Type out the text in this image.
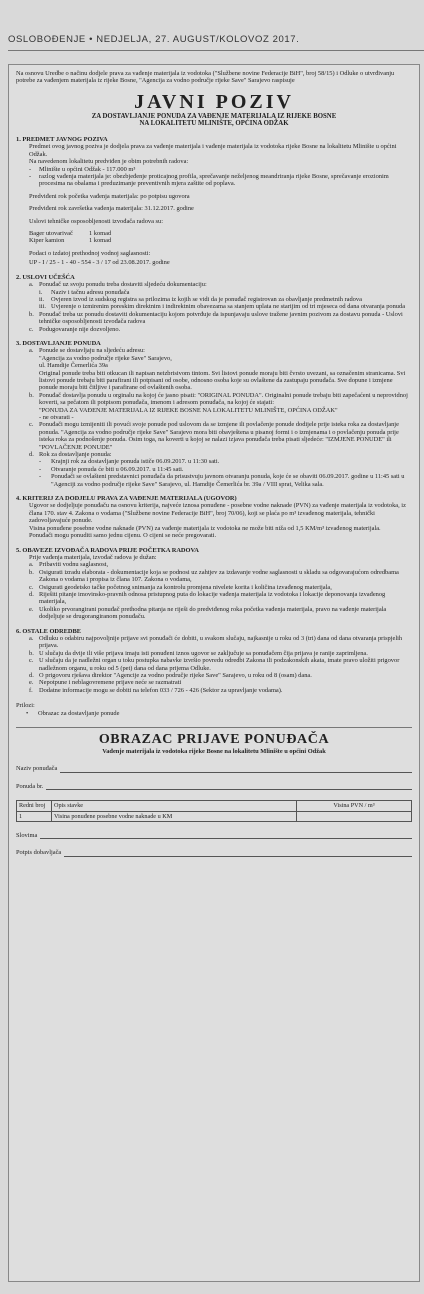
OSLOBOĐENJE • NEDJELJA, 27. AUGUST/KOLOVOZ 2017.
Na osnovu Uredbe o načinu dodjele prava za vađenje materijala iz vodotoka ("Službene novine Federacije BiH", broj 58/15) i Odluke o utvrđivanju potrebe za vađenjem materijala iz rijeke Bosne, "Agencija za vodno područje rijeke Save" Sarajevo raspisuje
JAVNI POZIV
ZA DOSTAVLJANJE PONUDA ZA VAĐENJE MATERIJALA IZ RIJEKE BOSNE
NA LOKALITETU MLINIŠTE, OPĆINA ODŽAK
1. PREDMET JAVNOG POZIVA
Predmet ovog javnog poziva je dodjela prava za vađenje materijala i vađenje materijala iz vodotoka rijeke Bosne na lokalitetu Mlinište u općini Odžak.
Na navedenom lokalitetu predviđen je obim potrebnih radova:
- Mlinište u općini Odžak - 117.000 m³
- razlog vađenja materijala je: obezbjeđenje proticajnog profila, sprečavanje neželjenog meandriranja rijeke Bosne, sprečavanje erozionim procesima na obalama i preduzimanje preventivnih mjera zaštite od poplava.
Predviđeni rok početka vađenja materijala: po potpisu ugovora
Predviđeni rok završetka vađenja materijala: 31.12.2017. godine
Uslovi tehničke osposobljenosti izvođača radova su:
Bager utovarivač	1 komad
Kiper kamion	1 komad
Podaci o izdatoj prethodnoj vodnoj saglasnosti:
UP - I / 25 - 1 - 40 - 554 - 3 / 17 od 23.08.2017. godine
2. USLOVI UČEŠĆA
a. Ponuđač uz svoju ponudu treba dostaviti sljedeću dokumentaciju:
i. Naziv i tačnu adresu ponuđača
ii. Ovjeren izvod iz sudskog registra sa prilozima iz kojih se vidi da je ponuđač registrovan za obavljanje predmetnih radova
iii. Uvjerenje o izmirenim poreskim direktnim i indirektnim obavezama sa stanjem uplata ne starijim od tri mjeseca od dana otvaranja ponuda
b. Ponuđač treba uz ponudu dostaviti dokumentaciju kojom potvrđuje da ispunjavaju uslove tražene javnim pozivom za dostavu ponuda - Uslovi tehničke osposobljenosti izvođača radova
c. Podugovaranje nije dozvoljeno.
3. DOSTAVLJANJE PONUDA
a. Ponude se dostavljaju na sljedeću adresu:
"Agencija za vodno područje rijeke Save" Sarajevo,
ul. Hamdije Čemerlića 39a
Original ponude treba biti otkucan ili napisan neizbrisivom tintom. Svi listovi ponude moraju biti čvrsto uvezani, sa označenim stranicama. Svi listovi ponude trebaju biti parafirani ili potpisani od osobe, odnosno osoba koje su ovlaštene da zastupaju ponuđača. Sve dopune i izmjene ponude moraju biti čitljive i parafirane od ovlaštenih osoba.
b. Ponuđač dostavlja ponudu u orginalu na kojoj će jasno pisati: "ORIGINAL PONUDA". Originalni ponude trebaju biti zapečaćeni u neprovidnoj koverti, sa pečatom ili potpisom ponuđača, imenom i adresom ponuđača, na kojoj će stajati:
"PONUDA ZA VAĐENJE MATERIJALA IZ RIJEKE BOSNE NA LOKALITETU MLINIŠTE, OPĆINA ODŽAK"
- ne otvarati -
c. Ponuđači mogu izmijeniti ili povući svoje ponude pod uslovom da se izmjene ili povlačenje ponude dodijele prije isteka roka za dostavljanje ponuda. "Agencija za vodno područje rijeke Save" Sarajevo mora biti obavještena u pisanoj formi i o izmjenama i o povlačenju ponuda prije isteka roka za podnošenje ponuda. Osim toga, na koverti u kojoj se nalazi izjava ponuđača treba pisati sljedeće: "IZMJENE PONUDE" ili "POVLAČENJE PONUDE"
d. Rok za dostavljanje ponuda:
- Krajnji rok za dostavljanje ponuda ističe 06.09.2017. u 11:30 sati.
- Otvaranje ponuda će biti u 06.09.2017. u 11:45 sati.
- Ponuđači se ovlašteni predstavnici ponuđača da prisustvuju javnom otvaranju ponuda, koje će se obaviti 06.09.2017. godine u 11:45 sati u "Agenciji za vodno područje rijeke Save" Sarajevo, ul. Hamdije Čemerlića br. 39a / VIII sprat, Velika sala.
4. KRITERIJ ZA DODJELU PRAVA ZA VAĐENJE MATERIJALA (UGOVOR)
Ugovor se dodjeljuje ponuđaču na osnovu kriterija, najveće iznosa ponuđene - posebne vodne naknade (PVN) za vađenje materijala iz vodotoka, iz člana 170. stav 4. Zakona o vodama ("Službene novine Federacije BiH", broj 70/06), koji se plaća po m³ izvađenog materijala, tehnički zadovoljavajuće ponude.
Visina ponuđene posebne vodne naknade (PVN) za vađenje materijala iz vodotoka ne može biti niža od 1,5 KM/m³ izvađenog materijala.
Ponuđači mogu ponuditi samo jednu cijenu. O cijeni se neće pregovarati.
5. OBAVEZE IZVOĐAČA RADOVA PRIJE POČETKA RADOVA
Prije vađenja materijala, izvođač radova je dužan:
a. Pribaviti vodnu saglasnost,
b. Osigurati izradu elaborata - dokumentacije koja se podnosi uz zahtjev za izdavanje vodne saglasnosti u skladu sa odgovarajućom odredbama Zakona o vodama i propisa iz člana 107. Zakona o vodama,
c. Osigurati geodetsko tačke početnog snimanja za kontrolu promjena nivelete korita i količina izvađenog materijala,
d. Riješiti pitanje imovinsko-pravnih odnosa pristupnog puta do lokacije vađenja materijala iz vodotoka i lokacije deponovanja izvađenog materijala,
e. Ukoliko prvorangirani ponuđač prethodna pitanja ne riješi do predviđenog roka početka vađenja materijala, pravo na vađenje materijala dodjeljuje se drugorangiranom ponuđaču.
6. OSTALE ODREDBE
a. Odluku o odabiru najpovoljnije prijave svi ponuđači će dobiti, u svakom slučaju, najkasnije u roku od 3 (tri) dana od dana otvaranja prispjelih prijava.
b. U slučaju da dvije ili više prijava imaju isti ponuđeni iznos ugovor se zaključuje sa ponuđačem čija prijava je ranije zaprimljena.
c. U slučaju da je nadležni organ u toku postupka nabavke izvršio povredu odredbi Zakona ili podzakonskih akata, imate pravo uložiti prigovor nadležnom organu, u roku od 5 (pet) dana od dana prijema Odluke.
d. O prigovoru rješava direktor "Agencije za vodno područje rijeke Save" Sarajevo, u roku od 8 (osam) dana.
e. Nepotpune i neblagovremene prijave neće se razmatrati
f. Dodatne informacije mogu se dobiti na telefon 033 / 726 - 426 (Sektor za upravljanje vodama).
Prilozi:
• Obrazac za dostavljanje ponude
OBRAZAC PRIJAVE PONUĐAČA
Vađenje materijala iz vodotoka rijeke Bosne na lokalitetu Mlinište u općini Odžak
Naziv ponuđača
Ponuda br.
Redni broj	Opis stavke	Visina PVN / m³
1	Visina ponuđene posebne vodne naknade u KM	
Slovima
Potpis dobavljača
